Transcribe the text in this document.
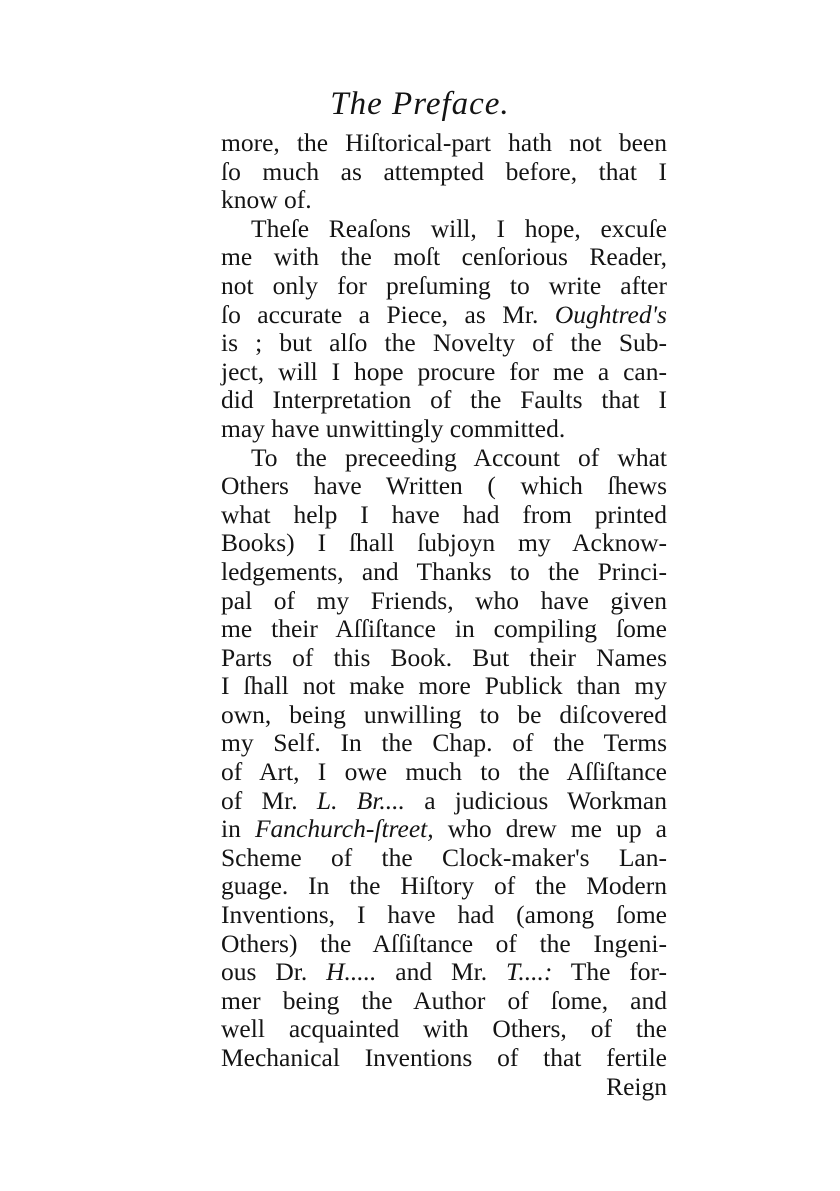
The Preface.
more, the Hiſtorical-part hath not been
ſo much as attempted before, that I
know of.
Theſe Reaſons will, I hope, excuſe
me with the moſt cenſorious Reader,
not only for preſuming to write after
ſo accurate a Piece, as Mr. Oughtred's
is ; but alſo the Novelty of the Sub-
ject, will I hope procure for me a can-
did Interpretation of the Faults that I
may have unwittingly committed.
To the preceeding Account of what
Others have Written ( which ſhews
what help I have had from printed
Books) I ſhall ſubjoyn my Acknow-
ledgements, and Thanks to the Princi-
pal of my Friends, who have given
me their Aſſiſtance in compiling ſome
Parts of this Book. But their Names
I ſhall not make more Publick than my
own, being unwilling to be diſcovered
my Self. In the Chap. of the Terms
of Art, I owe much to the Aſſiſtance
of Mr. L. Br.... a judicious Workman
in Fanchurch-ſtreet, who drew me up a
Scheme of the Clock-maker's Lan-
guage. In the Hiſtory of the Modern
Inventions, I have had (among ſome
Others) the Aſſiſtance of the Ingeni-
ous Dr. H..... and Mr. T....: The for-
mer being the Author of ſome, and
well acquainted with Others, of the
Mechanical Inventions of that fertile
Reign
